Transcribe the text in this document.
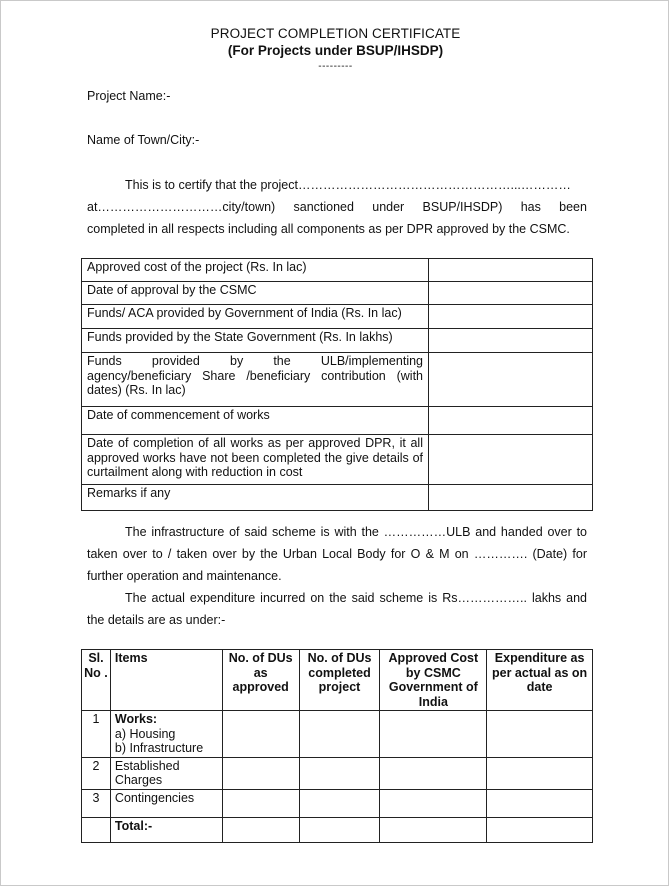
PROJECT COMPLETION CERTIFICATE
(For Projects under BSUP/IHSDP)
---------
Project Name:-
Name of Town/City:-
This is to certify that the project……………………………………………...…………
at…………………………city/town) sanctioned under BSUP/IHSDP) has been
completed in all respects including all components as per DPR approved by the CSMC.
Approved cost of the project (Rs. In lac)	
Date of approval by the CSMC	
Funds/ ACA provided by Government of India (Rs. In lac)	
Funds provided by the State Government (Rs. In lakhs)	
Funds provided by the ULB/implementing agency/beneficiary Share /beneficiary contribution (with dates) (Rs. In lac)	
Date of commencement of works	
Date of completion of all works as per approved DPR, it all approved works have not been completed the give details of curtailment along with reduction in cost	
Remarks if any	
The infrastructure of said scheme is with the ……………ULB and handed over to
taken over to / taken over by the Urban Local Body for O & M on …………. (Date) for
further operation and maintenance.
The actual expenditure incurred on the said scheme is Rs…………….. lakhs and
the details are as under:-
Sl. No .	Items	No. of DUs as approved	No. of DUs completed project	Approved Cost by CSMC Government of India	Expenditure as per actual as on date
1	Works:
a) Housing
b) Infrastructure				

2	Established Charges				
3	Contingencies				
	Total:-				
